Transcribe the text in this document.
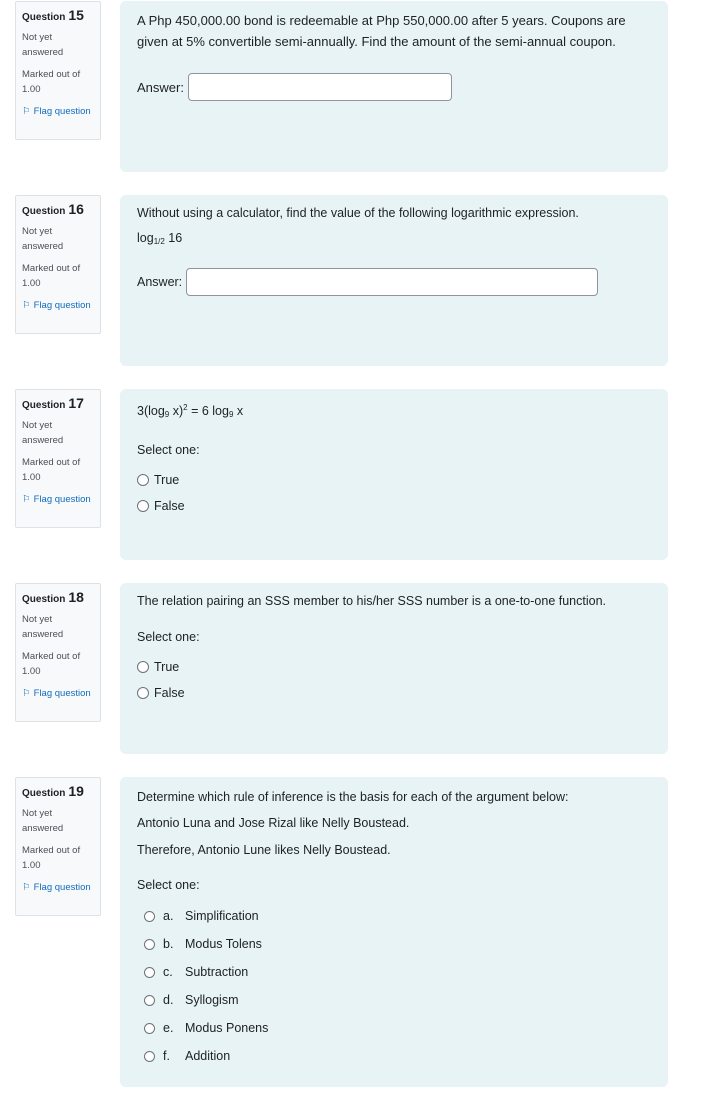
Question 15
Not yet answered
Marked out of 1.00
⚐ Flag question
A Php 450,000.00 bond is redeemable at Php 550,000.00 after 5 years. Coupons are given at 5% convertible semi-annually. Find the amount of the semi-annual coupon.
Answer:
Question 16
Not yet answered
Marked out of 1.00
⚐ Flag question
Without using a calculator, find the value of the following logarithmic expression.
$\log_{1/2} 16$
Answer:
Question 17
Not yet answered
Marked out of 1.00
⚐ Flag question
$3(\log_9$ x)$^2$ = 6 $\log_9 x$
Select one:
True
False
Question 18
Not yet answered
Marked out of 1.00
⚐ Flag question
The relation pairing an SSS member to his/her SSS number is a one-to-one function.
Select one:
True
False
Question 19
Not yet answered
Marked out of 1.00
⚐ Flag question

Determine which rule of inference is the basis for each of the argument below:

Antonio Luna and Jose Rizal like Nelly Boustead.

Therefore, Antonio Lune likes Nelly Boustead.

Select one:
a. Simplification
b. Modus Tolens
c. Subtraction
d. Syllogism
e. Modus Ponens
f.	Addition
